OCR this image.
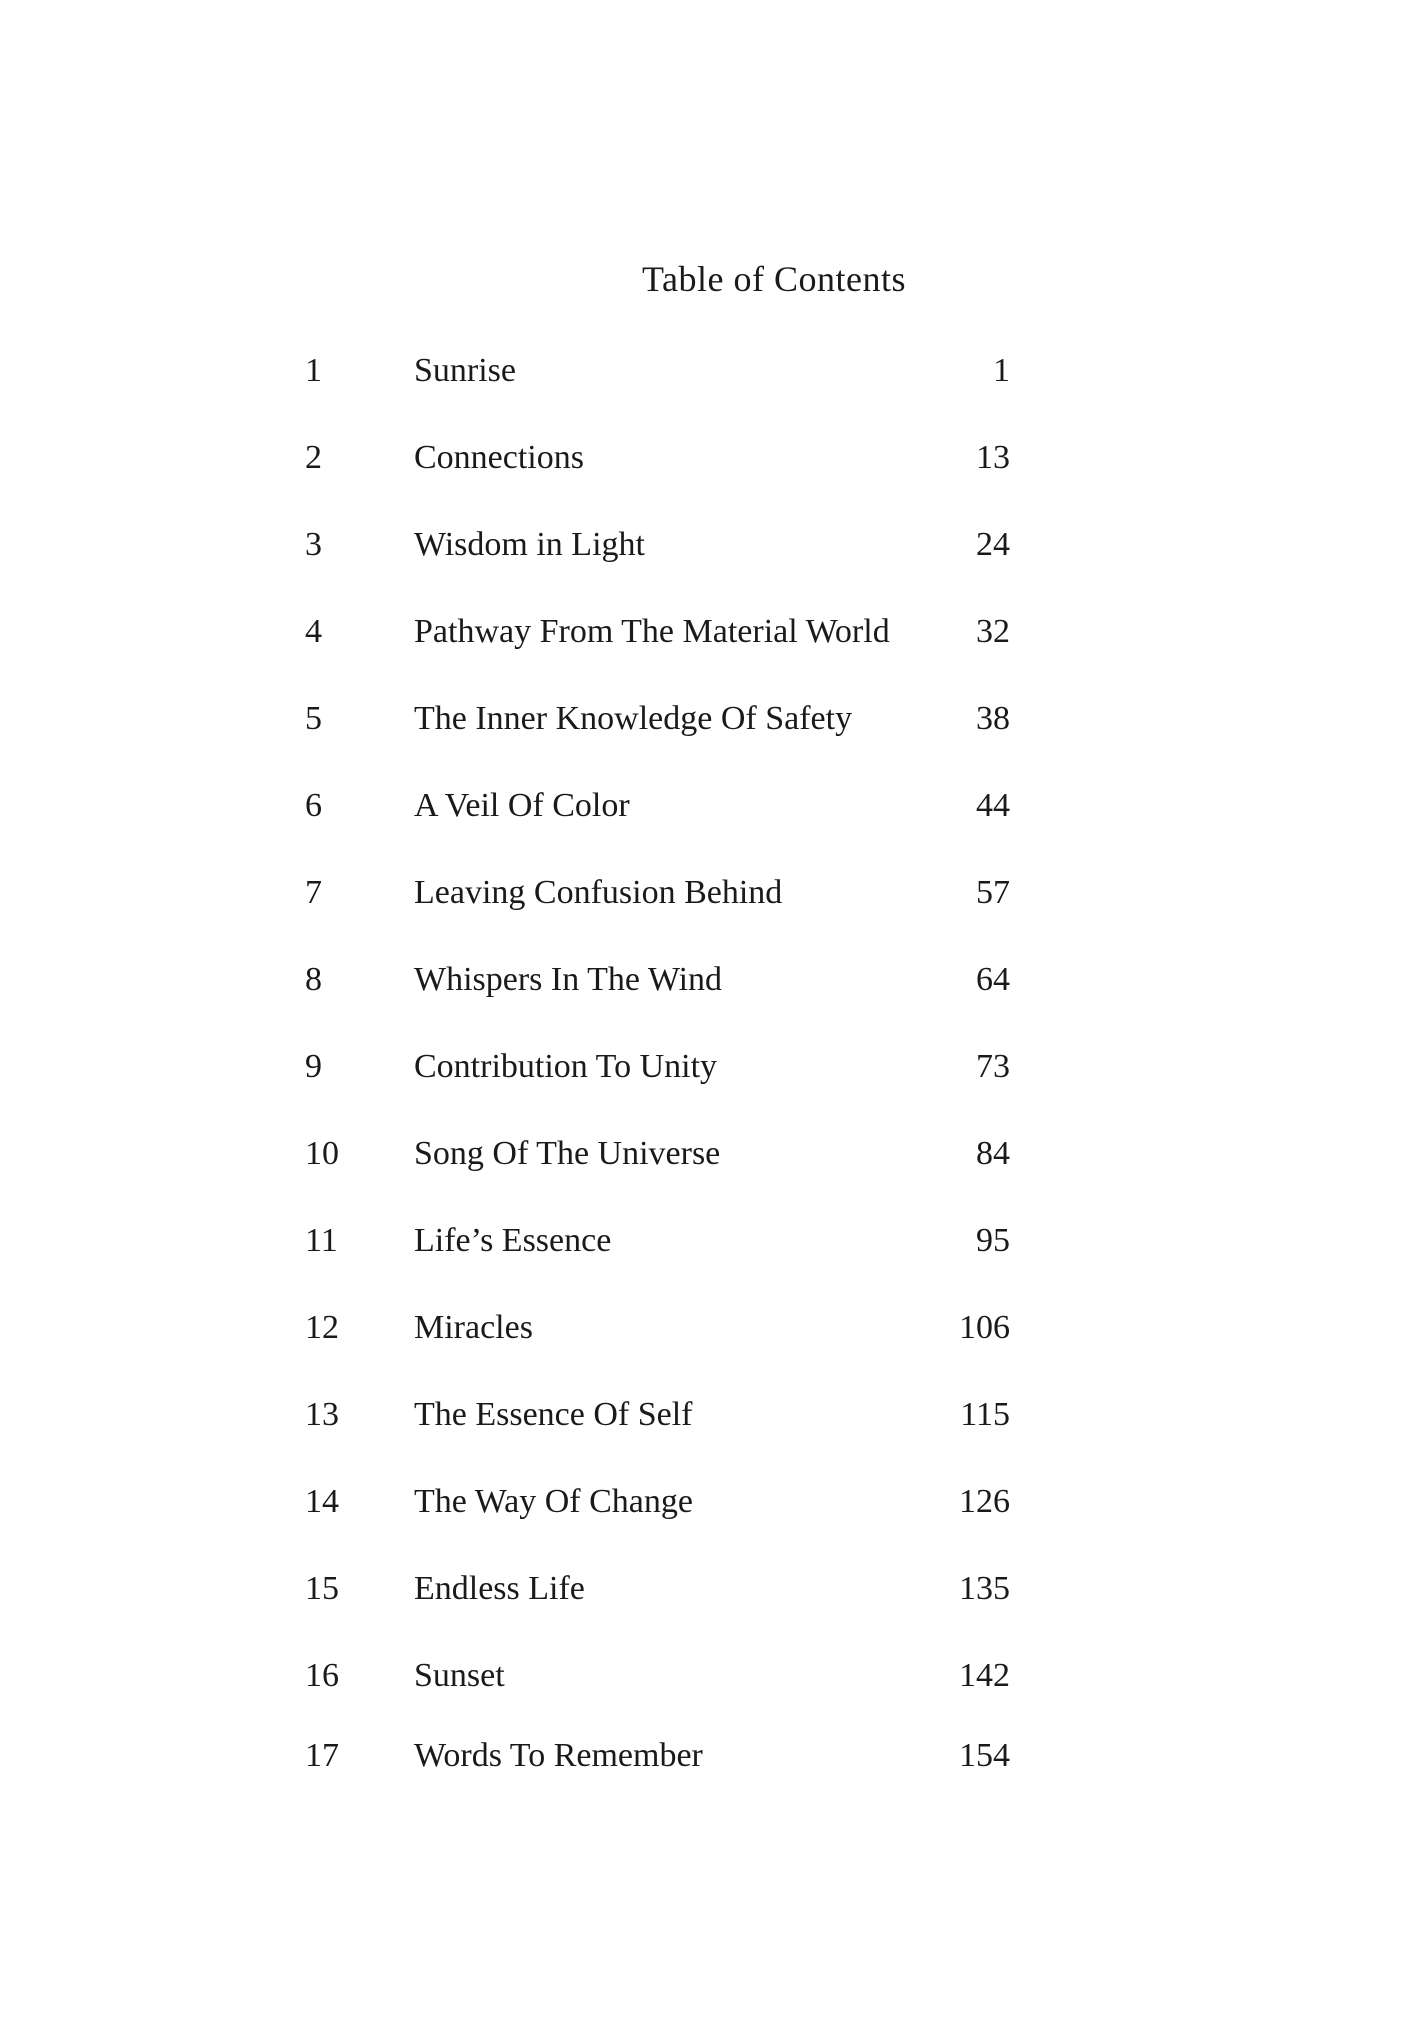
Table of Contents
1	Sunrise	1
2	Connections	13
3	Wisdom in Light	24
4	Pathway From The Material World	32
5	The Inner Knowledge Of Safety	38
6	A Veil Of Color	44
7	Leaving Confusion Behind	57
8	Whispers In The Wind	64
9	Contribution To Unity	73
10 Song Of The Universe	84
11 Life’s Essence	95
12 Miracles	106
13 The Essence Of Self	115
14 The Way Of Change	126
15 Endless Life	135
16 Sunset	142
17 Words To Remember	154
